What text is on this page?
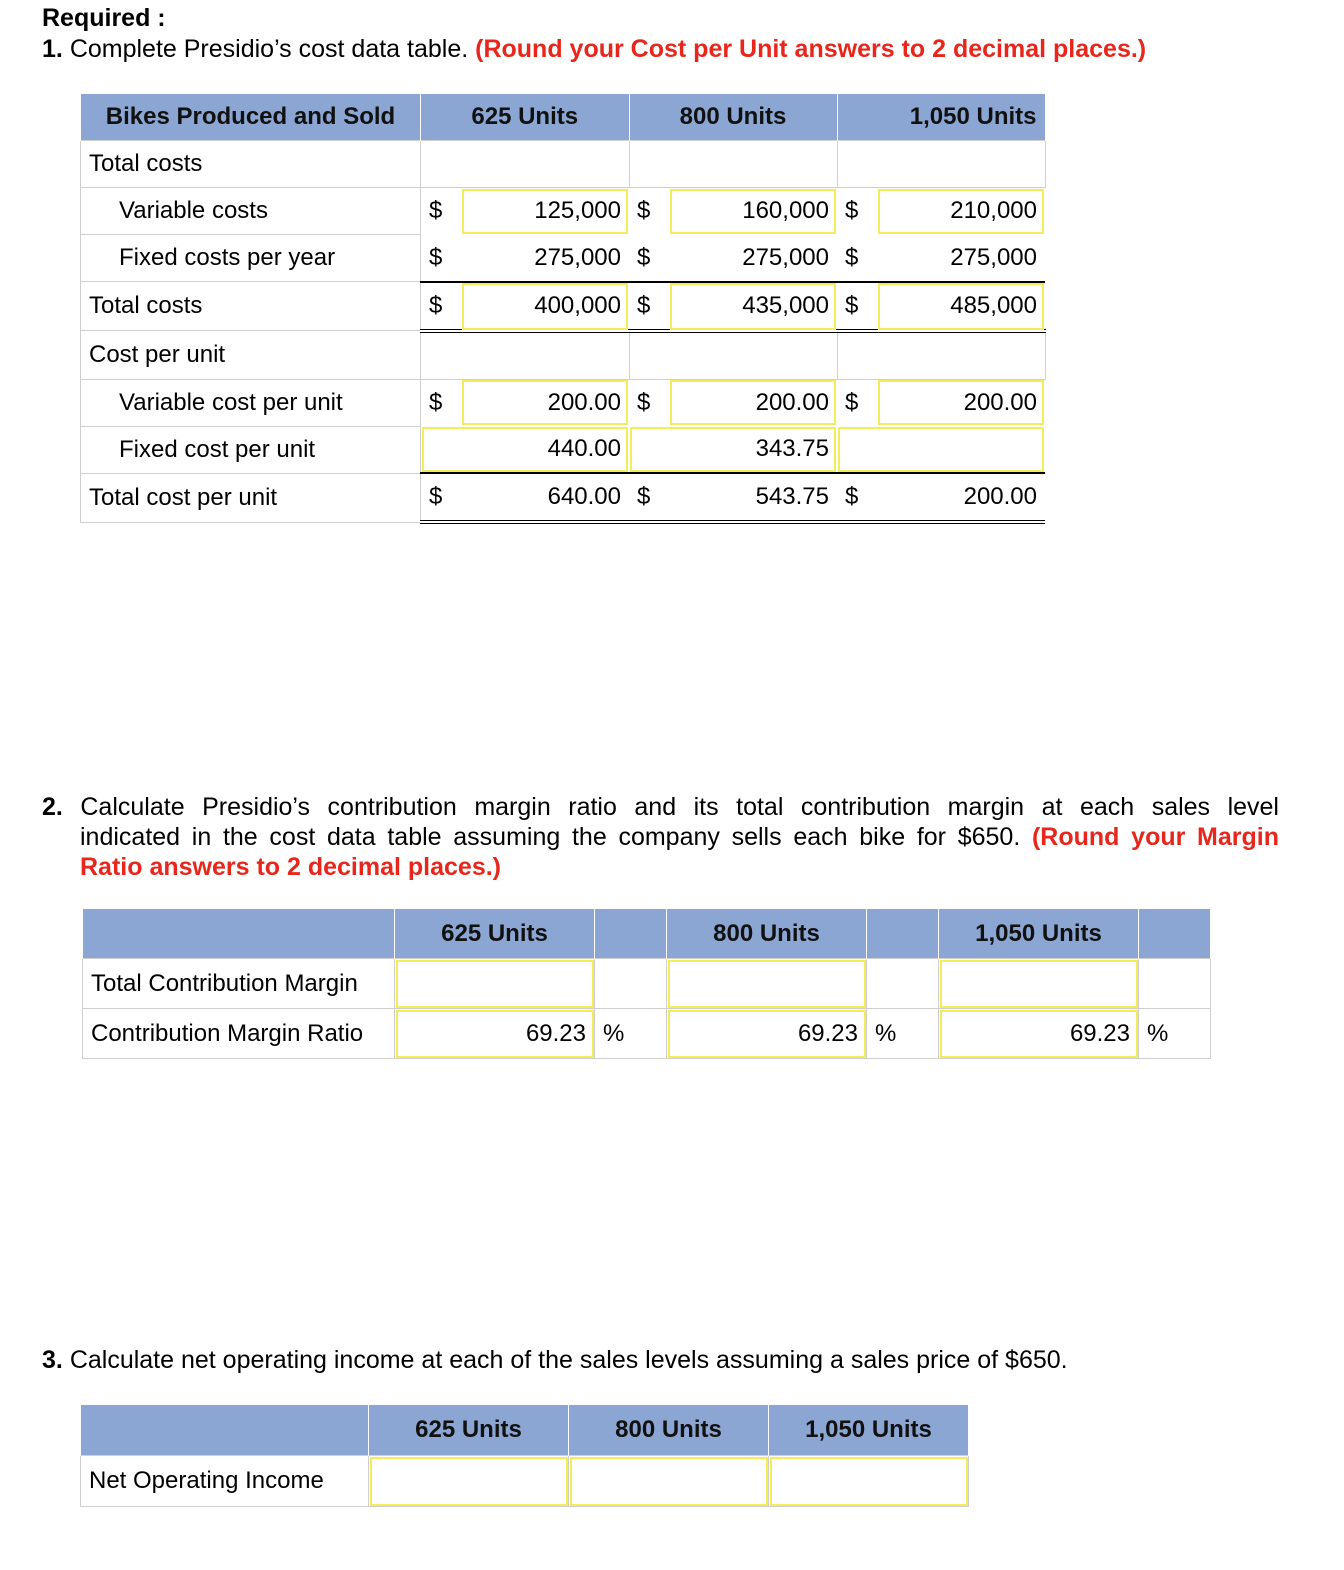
Required :
1. Complete Presidio’s cost data table. (Round your Cost per Unit answers to 2 decimal places.)
Bikes Produced and Sold	625 Units		800 Units		1,050 Units	
Total costs						
Variable costs	$	125,000	$	160,000	$	210,000
Fixed costs per year	$	275,000	$	275,000	$	275,000
Total costs	$	400,000	$	435,000	$	485,000
Cost per unit						
Variable cost per unit	$	200.00	$	200.00	$	200.00
Fixed cost per unit	440.00		343.75			
Total cost per unit	$	640.00	$	543.75	$	200.00
2. Calculate Presidio’s contribution margin ratio and its total contribution margin at each sales level
indicated in the cost data table assuming the company sells each bike for $650. (Round your Margin
Ratio answers to 2 decimal places.)
	625 Units		800 Units		1,050 Units	
Total Contribution Margin						
Contribution Margin Ratio	69.23	%	69.23	%	69.23	%
3. Calculate net operating income at each of the sales levels assuming a sales price of $650.
	625 Units	800 Units	1,050 Units
Net Operating Income			
